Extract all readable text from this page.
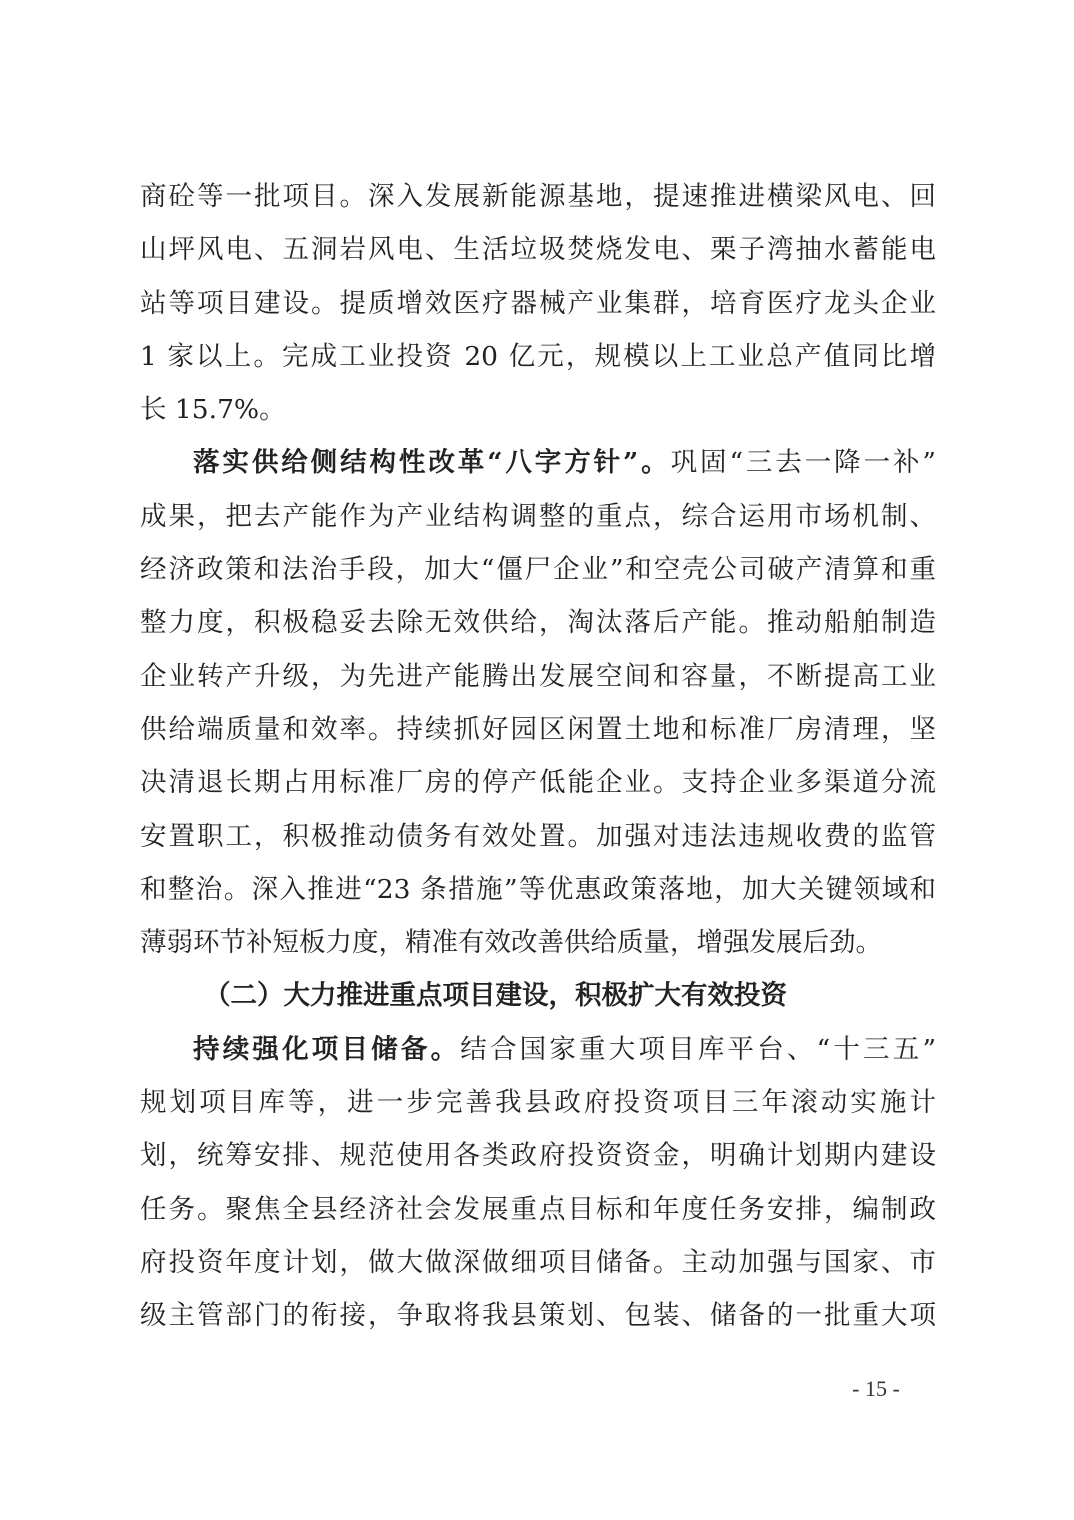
商砼等一批项目。深入发展新能源基地，提速推进横梁风电、回
山坪风电、五洞岩风电、生活垃圾焚烧发电、栗子湾抽水蓄能电
站等项目建设。提质增效医疗器械产业集群，培育医疗龙头企业
1 家以上。完成工业投资 20 亿元，规模以上工业总产值同比增
长 15.7%。
落实供给侧结构性改革“八字方针”。巩固“三去一降一补”
成果，把去产能作为产业结构调整的重点，综合运用市场机制、
经济政策和法治手段，加大“僵尸企业”和空壳公司破产清算和重
整力度，积极稳妥去除无效供给，淘汰落后产能。推动船舶制造
企业转产升级，为先进产能腾出发展空间和容量，不断提高工业
供给端质量和效率。持续抓好园区闲置土地和标准厂房清理，坚
决清退长期占用标准厂房的停产低能企业。支持企业多渠道分流
安置职工，积极推动债务有效处置。加强对违法违规收费的监管
和整治。深入推进“23 条措施”等优惠政策落地，加大关键领域和
薄弱环节补短板力度，精准有效改善供给质量，增强发展后劲。
（二）大力推进重点项目建设，积极扩大有效投资
持续强化项目储备。结合国家重大项目库平台、“十三五”
规划项目库等，进一步完善我县政府投资项目三年滚动实施计
划，统筹安排、规范使用各类政府投资资金，明确计划期内建设
任务。聚焦全县经济社会发展重点目标和年度任务安排，编制政
府投资年度计划，做大做深做细项目储备。主动加强与国家、市
级主管部门的衔接，争取将我县策划、包装、储备的一批重大项
- 15 -
